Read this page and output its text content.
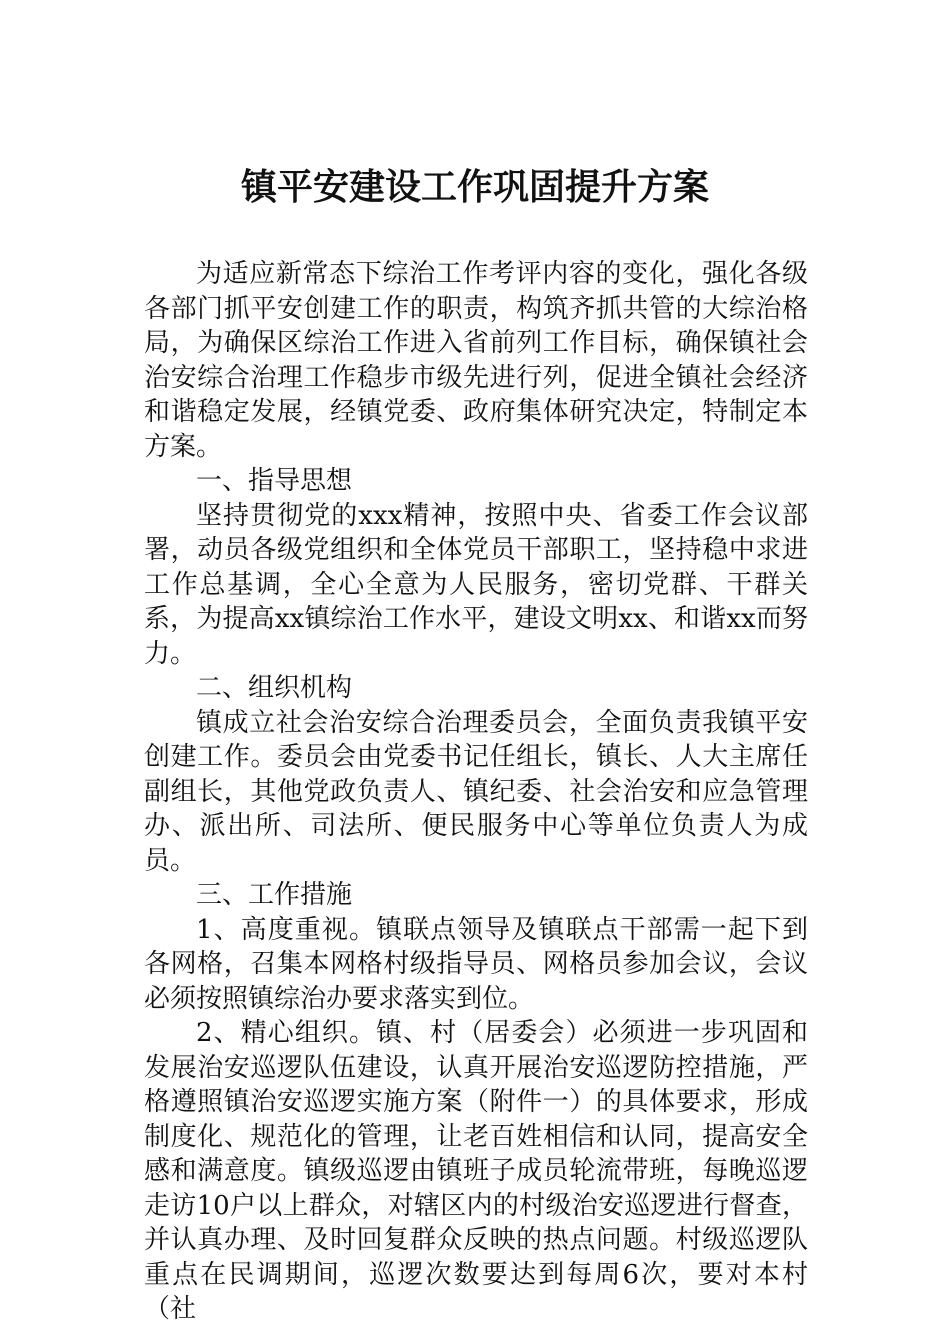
镇平安建设工作巩固提升方案

为适应新常态下综治工作考评内容的变化，强化各级各部门抓平安创建工作的职责，构筑齐抓共管的大综治格局，为确保区综治工作进入省前列工作目标，确保镇社会治安综合治理工作稳步市级先进行列，促进全镇社会经济和谐稳定发展，经镇党委、政府集体研究决定，特制定本方案。

一、指导思想

坚持贯彻党的xxx精神，按照中央、省委工作会议部署，动员各级党组织和全体党员干部职工，坚持稳中求进工作总基调，全心全意为人民服务，密切党群、干群关系，为提高xx镇综治工作水平，建设文明xx、和谐xx而努力。

二、组织机构

镇成立社会治安综合治理委员会，全面负责我镇平安创建工作。委员会由党委书记任组长，镇长、人大主席任副组长，其他党政负责人、镇纪委、社会治安和应急管理办、派出所、司法所、便民服务中心等单位负责人为成员。

三、工作措施

1、高度重视。镇联点领导及镇联点干部需一起下到各网格，召集本网格村级指导员、网格员参加会议，会议必须按照镇综治办要求落实到位。

2、精心组织。镇、村（居委会）必须进一步巩固和发展治安巡逻队伍建设，认真开展治安巡逻防控措施，严格遵照镇治安巡逻实施方案（附件一）的具体要求，形成制度化、规范化的管理，让老百姓相信和认同，提高安全感和满意度。镇级巡逻由镇班子成员轮流带班，每晚巡逻走访10户以上群众，对辖区内的村级治安巡逻进行督查，并认真办理、及时回复群众反映的热点问题。村级巡逻队重点在民调期间，巡逻次数要达到每周6次，要对本村（社
